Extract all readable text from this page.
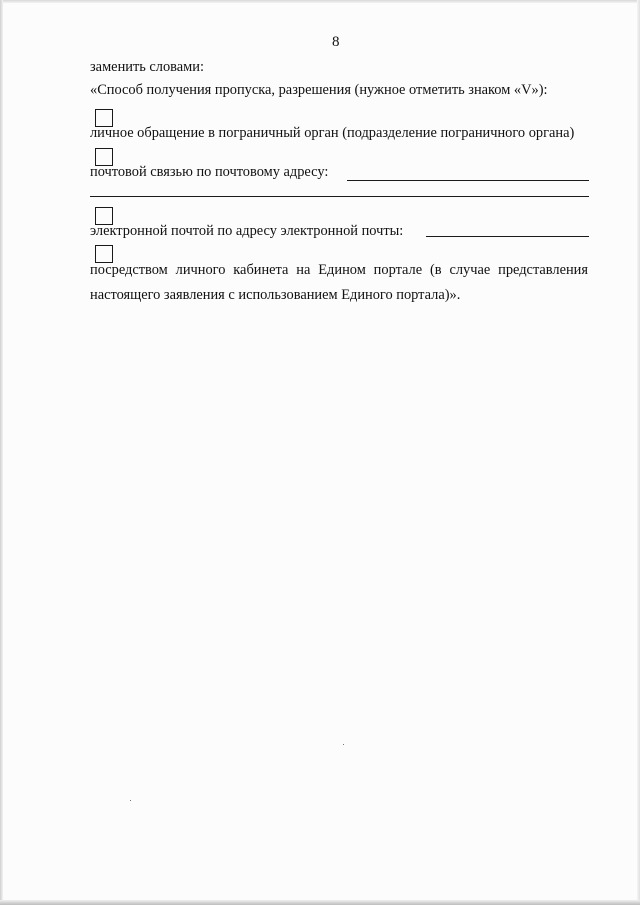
8
заменить словами:
«Способ получения пропуска, разрешения (нужное отметить знаком «V»):
личное обращение в пограничный орган (подразделение пограничного органа)
почтовой связью по почтовому адресу:
электронной почтой по адресу электронной почты:
посредством личного кабинета на Едином портале (в случае представления
настоящего заявления с использованием Единого портала)».
